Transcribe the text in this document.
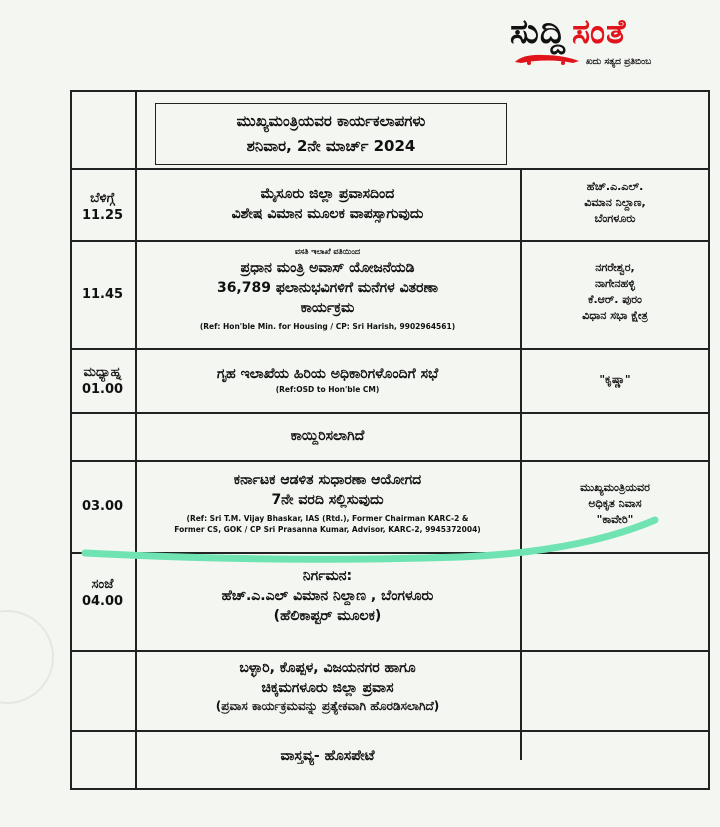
ಸುದ್ದಿ ಸಂತೆ
ಖದು ಸತ್ಯದ ಪ್ರತಿಬಿಂಬ
ಮುಖ್ಯಮಂತ್ರಿಯವರ ಕಾರ್ಯಕಲಾಪಗಳು
ಶನಿವಾರ, 2ನೇ ಮಾರ್ಚ್ 2024
ಬೆಳಿಗ್ಗೆ
11.25
ಮೈಸೂರು ಜಿಲ್ಲಾ ಪ್ರವಾಸದಿಂದ
ವಿಶೇಷ ವಿಮಾನ ಮೂಲಕ ವಾಪಸ್ಸಾಗುವುದು
ಹೆಚ್.ಎ.ಎಲ್.
ವಿಮಾನ ನಿಲ್ದಾಣ,
ಬೆಂಗಳೂರು
11.45
ವಸತಿ ಇಲಾಖೆ ವತಿಯಿಂದ
ಪ್ರಧಾನ ಮಂತ್ರಿ ಅವಾಸ್ ಯೋಜನೆಯಡಿ
36,789 ಫಲಾನುಭವಿಗಳಿಗೆ ಮನೆಗಳ ವಿತರಣಾ
ಕಾರ್ಯಕ್ರಮ
(Ref: Hon'ble Min. for Housing / CP: Sri Harish, 9902964561)
ನಗರೇಶ್ವರ,
ನಾಗೇನಹಳ್ಳಿ
ಕೆ.ಆರ್. ಪುರಂ
ವಿಧಾನ ಸಭಾ ಕ್ಷೇತ್ರ
ಮಧ್ಯಾಹ್ನ
01.00
ಗೃಹ ಇಲಾಖೆಯ ಹಿರಿಯ ಅಧಿಕಾರಿಗಳೊಂದಿಗೆ ಸಭೆ
(Ref:OSD to Hon'ble CM)
"ಕೃಷ್ಣಾ"
ಕಾಯ್ದಿರಿಸಲಾಗಿದೆ
03.00
ಕರ್ನಾಟಕ ಆಡಳಿತ ಸುಧಾರಣಾ ಆಯೋಗದ
7ನೇ ವರದಿ ಸಲ್ಲಿಸುವುದು
(Ref: Sri T.M. Vijay Bhaskar, IAS (Rtd.), Former Chairman KARC-2 &
Former CS, GOK / CP Sri Prasanna Kumar, Advisor, KARC-2, 9945372004)
ಮುಖ್ಯಮಂತ್ರಿಯವರ
ಅಧಿಕೃತ ನಿವಾಸ
"ಕಾವೇರಿ"
ಸಂಜೆ
04.00
ನಿರ್ಗಮನ:
ಹೆಚ್.ಎ.ಎಲ್ ವಿಮಾನ ನಿಲ್ದಾಣ , ಬೆಂಗಳೂರು
(ಹೆಲಿಕಾಪ್ಟರ್ ಮೂಲಕ)
ಬಳ್ಳಾರಿ, ಕೊಪ್ಪಳ, ವಿಜಯನಗರ ಹಾಗೂ
ಚಿಕ್ಕಮಗಳೂರು ಜಿಲ್ಲಾ ಪ್ರವಾಸ
(ಪ್ರವಾಸ ಕಾರ್ಯಕ್ರಮವನ್ನು ಪ್ರತ್ಯೇಕವಾಗಿ ಹೊರಡಿಸಲಾಗಿದೆ)
ವಾಸ್ತವ್ಯ- ಹೊಸಪೇಟೆ
